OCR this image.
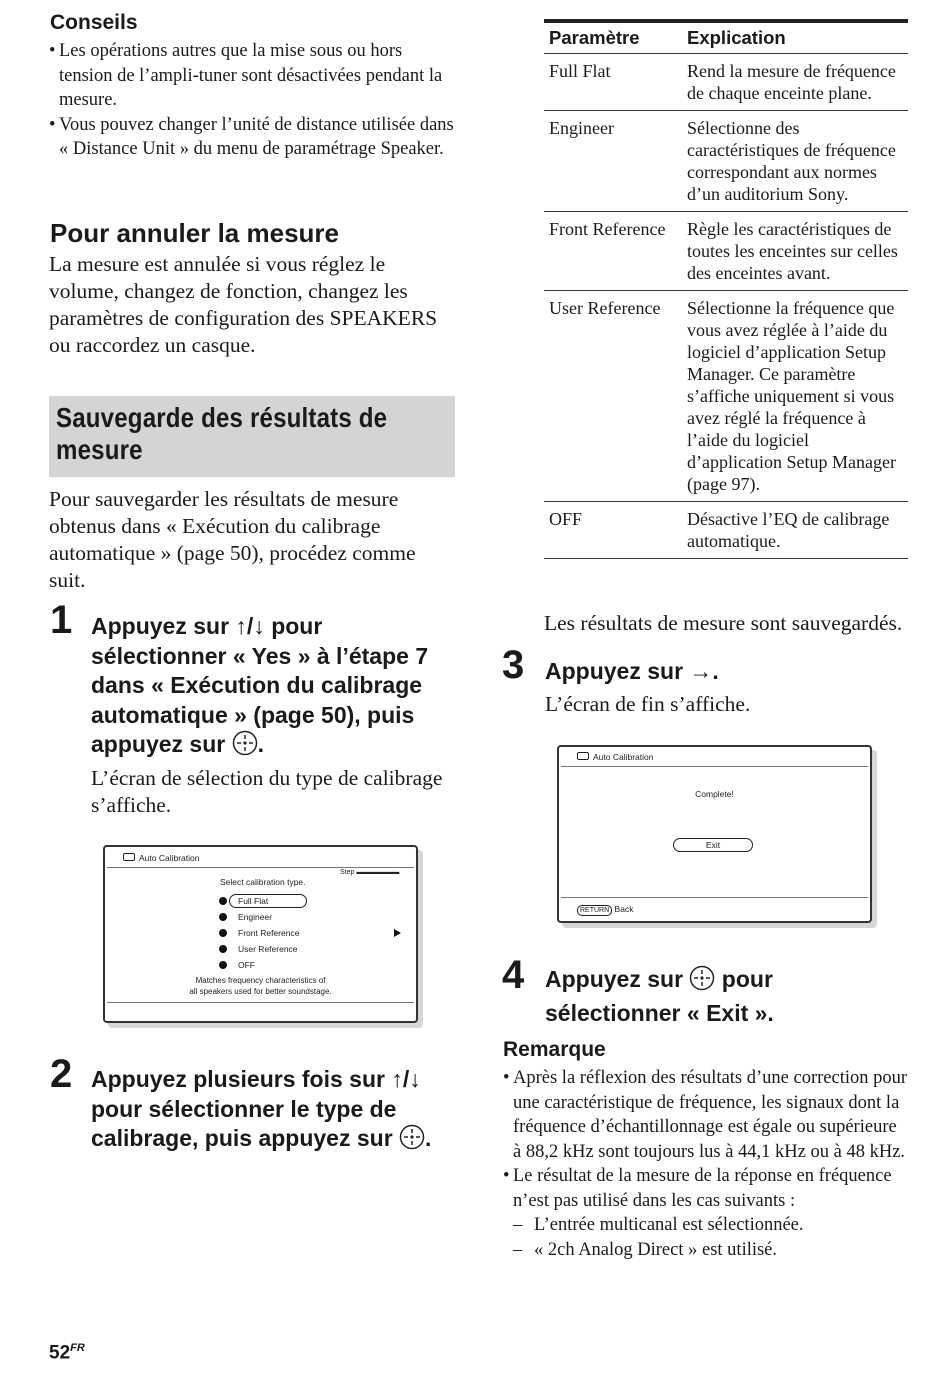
Conseils
• Les opérations autres que la mise sous ou hors tension de l’ampli-tuner sont désactivées pendant la mesure.
• Vous pouvez changer l’unité de distance utilisée dans « Distance Unit » du menu de paramétrage Speaker.
Pour annuler la mesure
La mesure est annulée si vous réglez le volume, changez de fonction, changez les paramètres de configuration des SPEAKERS ou raccordez un casque.
Sauvegarde des résultats de
mesure
Pour sauvegarder les résultats de mesure obtenus dans « Exécution du calibrage automatique » (page 50), procédez comme suit.
1 Appuyez sur ↑/↓ pour sélectionner « Yes » à l’étape 7 dans « Exécution du calibrage automatique » (page 50), puis appuyez sur .
L’écran de sélection du type de calibrage s’affiche.
Auto Calibration
Step ▬▬▬▬▬▬▬
Select calibration type.
Full Flat
Engineer
Front Reference
User Reference
OFF
Matches frequency characteristics of
all speakers used for better soundstage.
2 Appuyez plusieurs fois sur ↑/↓ pour sélectionner le type de calibrage, puis appuyez sur .
Paramètre	Explication
Full Flat	Rend la mesure de fréquence de chaque enceinte plane.
Engineer	Sélectionne des caractéristiques de fréquence correspondant aux normes d’un auditorium Sony.
Front Reference	Règle les caractéristiques de toutes les enceintes sur celles des enceintes avant.
User Reference	Sélectionne la fréquence que vous avez réglée à l’aide du logiciel d’application Setup Manager. Ce paramètre s’affiche uniquement si vous avez réglé la fréquence à l’aide du logiciel d’application Setup Manager (page 97).
OFF	Désactive l’EQ de calibrage automatique.
Les résultats de mesure sont sauvegardés.
3 Appuyez sur →.
L’écran de fin s’affiche.
Auto Calibration
Complete!
Exit
RETURN Back
4 Appuyez sur  pour sélectionner « Exit ».
Remarque
• Après la réflexion des résultats d’une correction pour une caractéristique de fréquence, les signaux dont la fréquence d’échantillonnage est égale ou supérieure à 88,2 kHz sont toujours lus à 44,1 kHz ou à 48 kHz.
• Le résultat de la mesure de la réponse en fréquence n’est pas utilisé dans les cas suivants :
– L’entrée multicanal est sélectionnée.
– « 2ch Analog Direct » est utilisé.
$52^{FR}$
